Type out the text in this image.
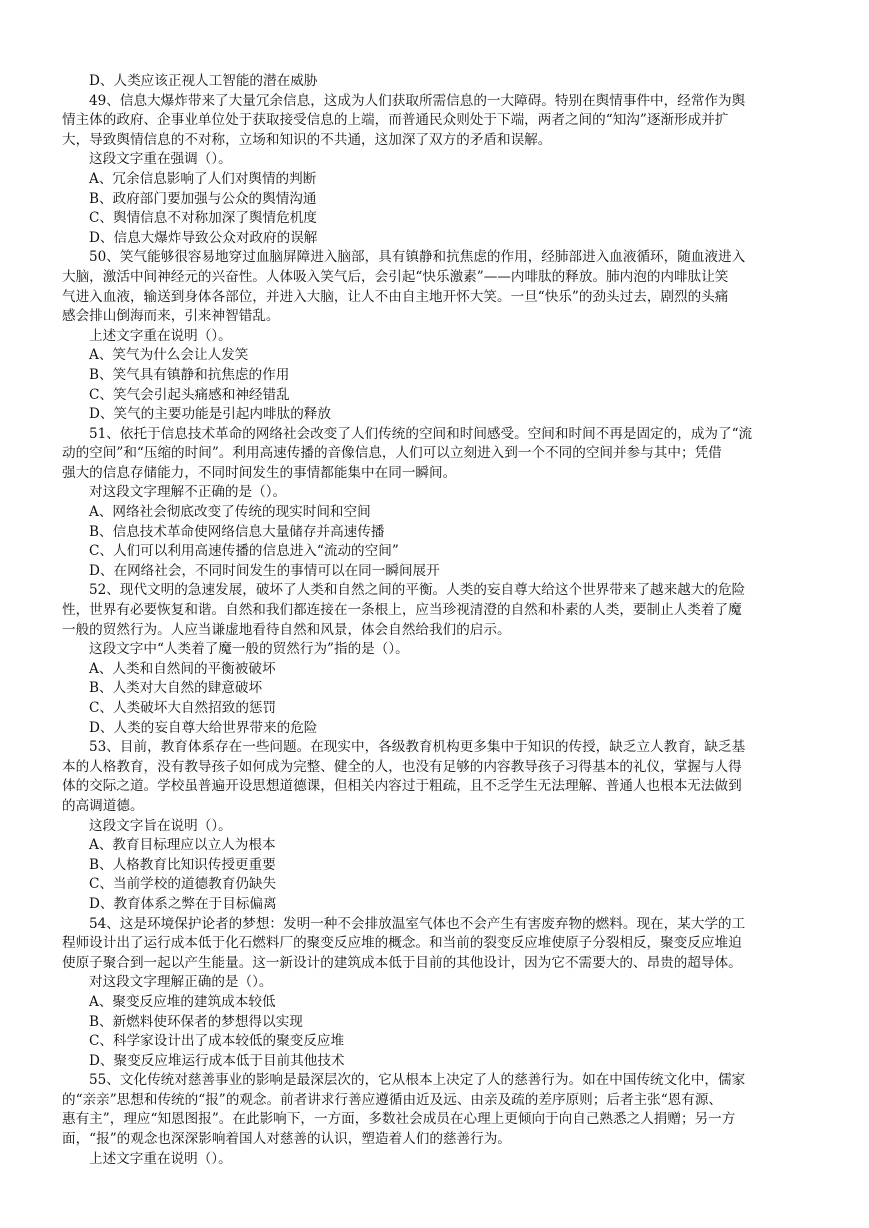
D、人类应该正视人工智能的潜在威胁
49、信息大爆炸带来了大量冗余信息，这成为人们获取所需信息的一大障碍。特别在舆情事件中，经常作为舆
情主体的政府、企事业单位处于获取接受信息的上端，而普通民众则处于下端，两者之间的“知沟”逐渐形成并扩
大，导致舆情信息的不对称，立场和知识的不共通，这加深了双方的矛盾和误解。
这段文字重在强调（）。
A、冗余信息影响了人们对舆情的判断
B、政府部门要加强与公众的舆情沟通
C、舆情信息不对称加深了舆情危机度
D、信息大爆炸导致公众对政府的误解
50、笑气能够很容易地穿过血脑屏障进入脑部，具有镇静和抗焦虑的作用，经肺部进入血液循环，随血液进入
大脑，激活中间神经元的兴奋性。人体吸入笑气后，会引起“快乐激素”——内啡肽的释放。肺内泡的内啡肽让笑
气进入血液，输送到身体各部位，并进入大脑，让人不由自主地开怀大笑。一旦“快乐”的劲头过去，剧烈的头痛
感会排山倒海而来，引来神智错乱。
上述文字重在说明（）。
A、笑气为什么会让人发笑
B、笑气具有镇静和抗焦虑的作用
C、笑气会引起头痛感和神经错乱
D、笑气的主要功能是引起内啡肽的释放
51、依托于信息技术革命的网络社会改变了人们传统的空间和时间感受。空间和时间不再是固定的，成为了“流
动的空间”和“压缩的时间”。利用高速传播的音像信息，人们可以立刻进入到一个不同的空间并参与其中；凭借
强大的信息存储能力，不同时间发生的事情都能集中在同一瞬间。
对这段文字理解不正确的是（）。
A、网络社会彻底改变了传统的现实时间和空间
B、信息技术革命使网络信息大量储存并高速传播
C、人们可以利用高速传播的信息进入“流动的空间”
D、在网络社会，不同时间发生的事情可以在同一瞬间展开
52、现代文明的急速发展，破坏了人类和自然之间的平衡。人类的妄自尊大给这个世界带来了越来越大的危险
性，世界有必要恢复和谐。自然和我们都连接在一条根上，应当珍视清澄的自然和朴素的人类，要制止人类着了魔
一般的贸然行为。人应当谦虚地看待自然和风景，体会自然给我们的启示。
这段文字中“人类着了魔一般的贸然行为”指的是（）。
A、人类和自然间的平衡被破坏
B、人类对大自然的肆意破坏
C、人类破坏大自然招致的惩罚
D、人类的妄自尊大给世界带来的危险
53、目前，教育体系存在一些问题。在现实中，各级教育机构更多集中于知识的传授，缺乏立人教育，缺乏基
本的人格教育，没有教导孩子如何成为完整、健全的人，也没有足够的内容教导孩子习得基本的礼仪，掌握与人得
体的交际之道。学校虽普遍开设思想道德课，但相关内容过于粗疏，且不乏学生无法理解、普通人也根本无法做到
的高调道德。
这段文字旨在说明（）。
A、教育目标理应以立人为根本
B、人格教育比知识传授更重要
C、当前学校的道德教育仍缺失
D、教育体系之弊在于目标偏离
54、这是环境保护论者的梦想：发明一种不会排放温室气体也不会产生有害废弃物的燃料。现在，某大学的工
程师设计出了运行成本低于化石燃料厂的聚变反应堆的概念。和当前的裂变反应堆使原子分裂相反，聚变反应堆迫
使原子聚合到一起以产生能量。这一新设计的建筑成本低于目前的其他设计，因为它不需要大的、昂贵的超导体。
对这段文字理解正确的是（）。
A、聚变反应堆的建筑成本较低
B、新燃料使环保者的梦想得以实现
C、科学家设计出了成本较低的聚变反应堆
D、聚变反应堆运行成本低于目前其他技术
55、文化传统对慈善事业的影响是最深层次的，它从根本上决定了人的慈善行为。如在中国传统文化中，儒家
的“亲亲”思想和传统的“报”的观念。前者讲求行善应遵循由近及远、由亲及疏的差序原则；后者主张“恩有源、
惠有主”，理应“知恩图报”。在此影响下，一方面，多数社会成员在心理上更倾向于向自己熟悉之人捐赠；另一方
面，“报”的观念也深深影响着国人对慈善的认识，塑造着人们的慈善行为。
上述文字重在说明（）。
